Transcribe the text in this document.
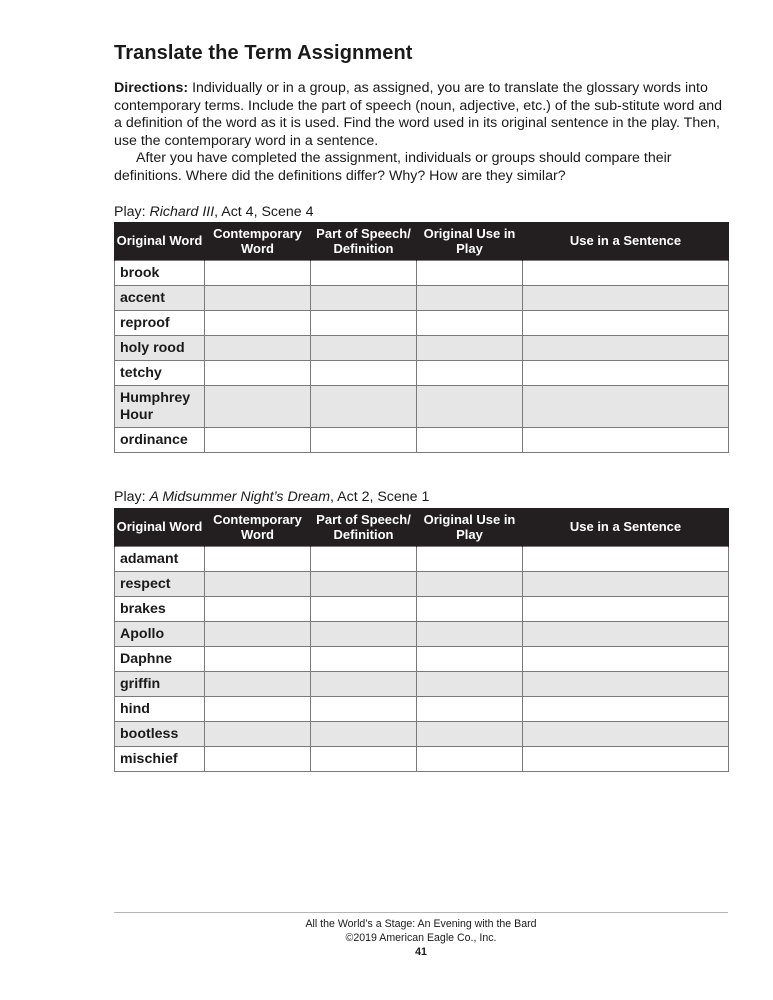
Translate the Term Assignment

Directions: Individually or in a group, as assigned, you are to translate the glossary words into contemporary terms. Include the part of speech (noun, adjective, etc.) of the sub-stitute word and a definition of the word as it is used. Find the word used in its original sentence in the play. Then, use the contemporary word in a sentence.

After you have completed the assignment, individuals or groups should compare their definitions. Where did the definitions differ? Why? How are they similar?

Play: Richard III, Act 4, Scene 4
Original Word	Contemporary Word	Part of Speech/ Definition	Original Use in Play	Use in a Sentence
brook				
accent				
reproof				
holy rood				
tetchy				
Humphrey Hour				
ordinance				
Play: A Midsummer Night’s Dream, Act 2, Scene 1
Original Word	Contemporary Word	Part of Speech/ Definition	Original Use in Play	Use in a Sentence
adamant				
respect				
brakes				
Apollo				
Daphne				
griffin				
hind				
bootless				
mischief				
All the World’s a Stage: An Evening with the Bard
©2019 American Eagle Co., Inc.
41
